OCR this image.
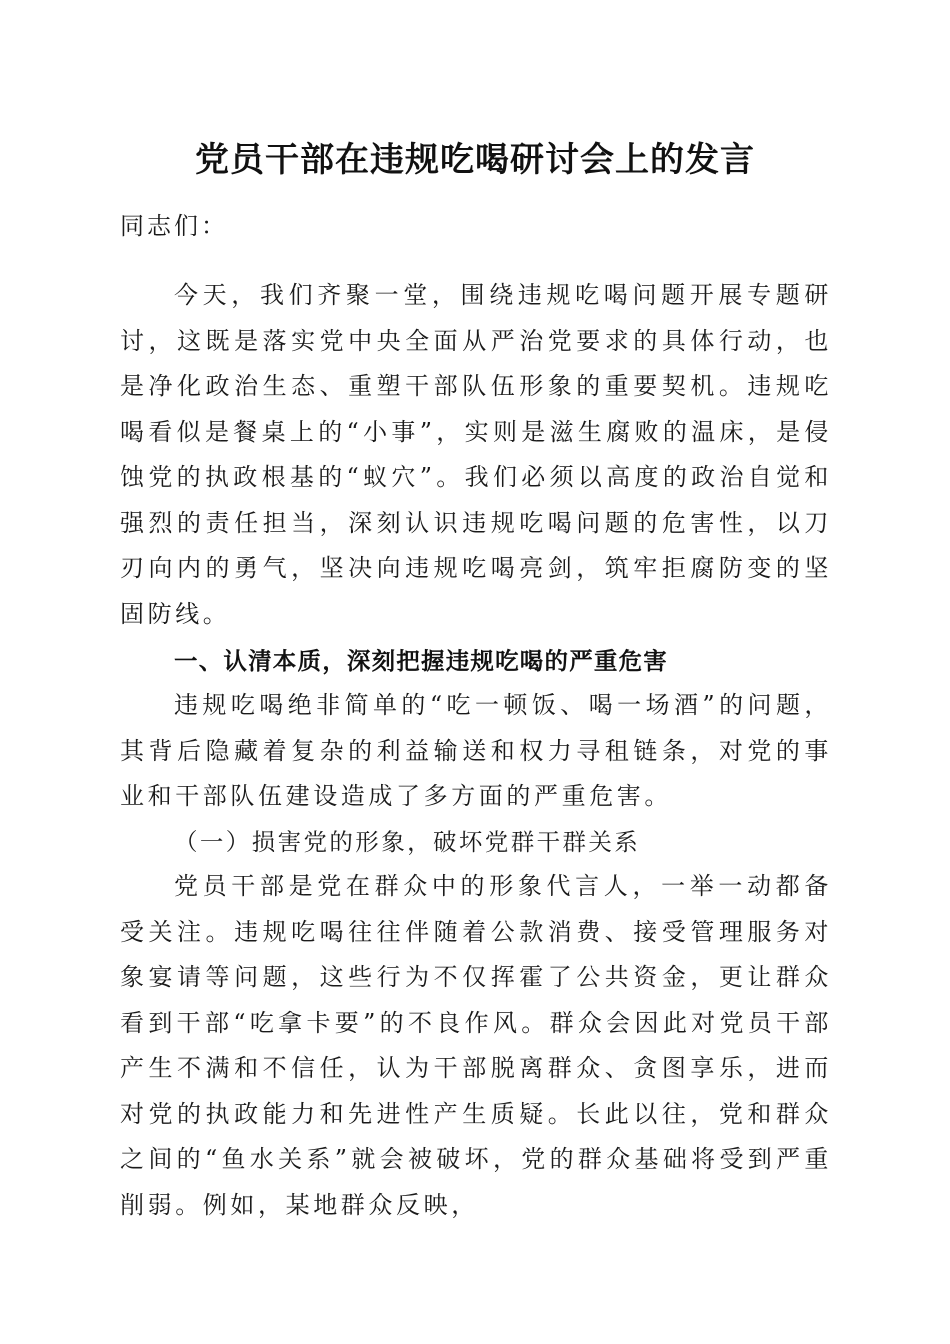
党员干部在违规吃喝研讨会上的发言
同志们：

今天，我们齐聚一堂，围绕违规吃喝问题开展专题研讨，这既是落实党中央全面从严治党要求的具体行动，也是净化政治生态、重塑干部队伍形象的重要契机。违规吃喝看似是餐桌上的“小事”，实则是滋生腐败的温床，是侵蚀党的执政根基的“蚁穴”。我们必须以高度的政治自觉和强烈的责任担当，深刻认识违规吃喝问题的危害性，以刀刃向内的勇气，坚决向违规吃喝亮剑，筑牢拒腐防变的坚固防线。

一、认清本质，深刻把握违规吃喝的严重危害

违规吃喝绝非简单的“吃一顿饭、喝一场酒”的问题，其背后隐藏着复杂的利益输送和权力寻租链条，对党的事业和干部队伍建设造成了多方面的严重危害。

（一）损害党的形象，破坏党群干群关系

党员干部是党在群众中的形象代言人，一举一动都备受关注。违规吃喝往往伴随着公款消费、接受管理服务对象宴请等问题，这些行为不仅挥霍了公共资金，更让群众看到干部“吃拿卡要”的不良作风。群众会因此对党员干部产生不满和不信任，认为干部脱离群众、贪图享乐，进而对党的执政能力和先进性产生质疑。长此以往，党和群众之间的“鱼水关系”就会被破坏，党的群众基础将受到严重削弱。例如，某地群众反映，
